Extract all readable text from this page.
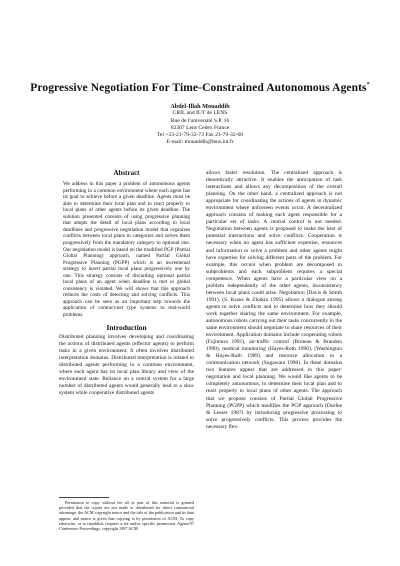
Progressive Negotiation For Time-Constrained Autonomous Agents*
Abdel-Illah Mouaddib
CRIL and IUT de LENS
Rue de l'université S.P. 16
62307 Lens Cedex France
Tel +33-21-79-32-73 Fax 21-79-32-60
E-mail: mouaddib@lens.iut.fr
Abstract

We address in this paper a problem of autonomous agents performing in a common environment where each agent has its goal to achieve before a given deadline. Agents must be able to determine their local plan and to react properly to local plans of other agents before its given deadline. The solution presented consists of using progressive planning that adopts the detail of local plans according to local deadlines and progressive negotiation model that organizes conflicts between local plans in categories and solves them progressively from the mandatory category to optional one. Our negotiation model is based on the modified PGP (Partial Global Planning) approach, named Partial Global Progressive Planning (PGPP) which is an incremental strategy to insert partial local plans progressively one by one. This strategy consists of discarding optional partial local plans of an agent when deadline is met or global consistency is violated. We will shows that this approach reduces the costs of detecting and solving conflicts. This approach can be seen as an important step towards the application of contract-net type systems to real-world problems.

Introduction

Distributed planning involves developing and coordinating the actions of distributed agents (effector agents) to perform tasks in a given environment. It often involves distributed interpretation domains. Distributed interpretation is related to distributed agents performing in a common environment, where each agent has its local plan library and view of the environment state. Reliance on a central system for a large number of distributed agents would generally lead to a slow system while cooperative distributed agents

Permission to copy without fee all or part of this material is granted provided that the copies are not made or distributed for direct commercial advantage, the ACM copyright notice and the title of the publication and its date appear, and notice is given that copying is by permission of ACM. To copy otherwise, or to republish, requires a fee and/or specific permission. Agents'97 Conference Proceedings, copyright 1997 ACM.

allows faster resolution. The centralized approach is theoretically attractive. It enables the anticipation of task interactions and allows any decomposition of the overall planning. On the other hand, a centralized approach is not appropriate for coordinating the actions of agents in dynamic environment where unforseen events occur. A decentralized approach consists of making each agent responsible for a particular set of tasks. A central control is not needed. Negotiation between agents is proposed to make the best of potential interactions and solve conflicts. Cooperation is necessary when no agent has sufficient expertise, resources and information to solve a problem and other agents might have expertise for solving different parts of the problem. For example, this occurs when problem are decomposed in subproblems and each subproblem requires a special competence. When agents have a particular view on a problem independently of the other agents, inconsistency between local plans could arise. Negotiation (Davis & Smith 1991), (S. Kraus & Zlotkin 1995) allows a dialogue among agents to solve conflicts and to determine how they should work together sharing the same environment. For example, autonomous robots carrying out their tasks concurrently in the same environment should negotiate to share resources of their environment. Application domains include cooperating robots (Fujimura 1991), air-traffic control (Bruteau & Brandon 1990), medical monitoring (Hayes-Roth 1990), (Washington & Hayes-Roth 1989) and resource allocation in a communication network (Sugawara 1990). In these domains two features appear that are addressed in this paper: negotiation and local planning. We would like agents to be completely autonomous, to determine their local plan and to react properly to local plans of other agents. The approach that we propose consists of Partial Global Progressive Planning (PGPP) which modifies the PGP approach (Durfee & Lesser 1987) by introducing progressive processing to solve progressively conflicts. This process provides the necessary flex-
